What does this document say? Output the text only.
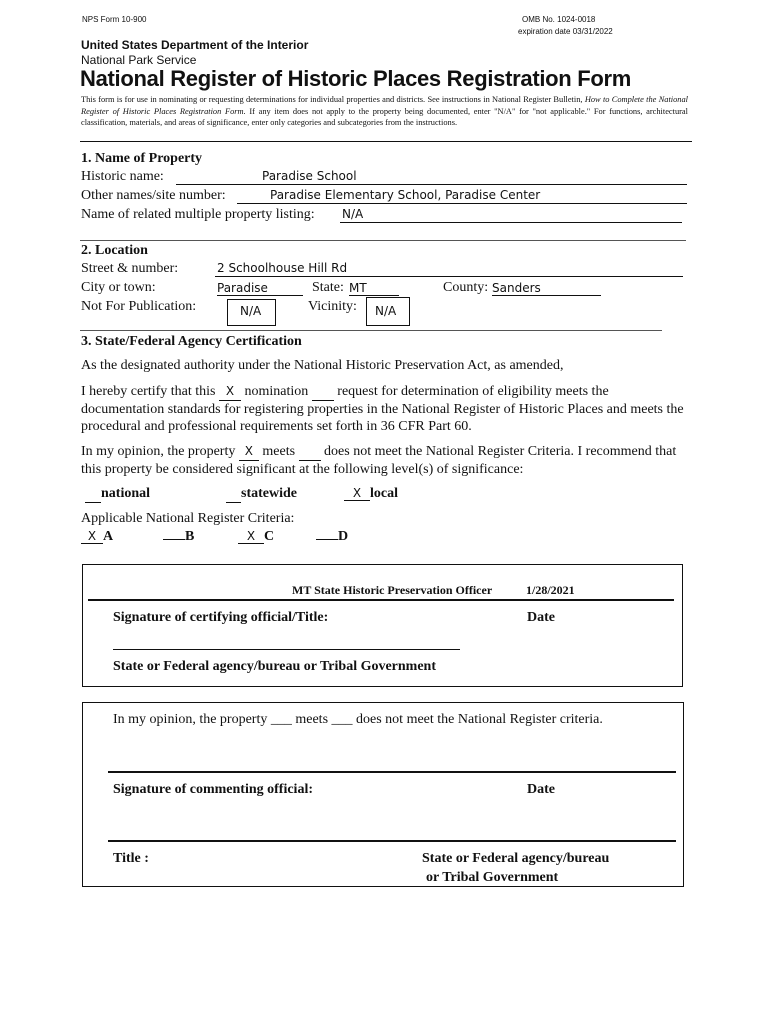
NPS Form 10-900	OMB No. 1024-0018
expiration date 03/31/2022
United States Department of the Interior
National Park Service
National Register of Historic Places Registration Form
This form is for use in nominating or requesting determinations for individual properties and districts. See instructions in National Register Bulletin, How to Complete the National Register of Historic Places Registration Form. If any item does not apply to the property being documented, enter "N/A" for "not applicable." For functions, architectural classification, materials, and areas of significance, enter only categories and subcategories from the instructions.
1. Name of Property
Historic name:	Paradise School
Other names/site number:	Paradise Elementary School, Paradise Center
Name of related multiple property listing: N/A
2. Location
Street & number:	2 Schoolhouse Hill Rd
City or town:	Paradise	State: MT	County: Sanders
Not For Publication:	N/A	Vicinity: N/A
3. State/Federal Agency Certification
As the designated authority under the National Historic Preservation Act, as amended,
I hereby certify that this X nomination   request for determination of eligibility meets the documentation standards for registering properties in the National Register of Historic Places and meets the procedural and professional requirements set forth in 36 CFR Part 60.
In my opinion, the property X meets   does not meet the National Register Criteria. I recommend that this property be considered significant at the following level(s) of significance:
national	statewide	X local
Applicable National Register Criteria:
X A	B	X C	D
MT State Historic Preservation Officer	1/28/2021
Signature of certifying official/Title:	Date
State or Federal agency/bureau or Tribal Government
In my opinion, the property ___ meets ___ does not meet the National Register criteria.
Signature of commenting official:	Date
Title :	State or Federal agency/bureau
or Tribal Government
